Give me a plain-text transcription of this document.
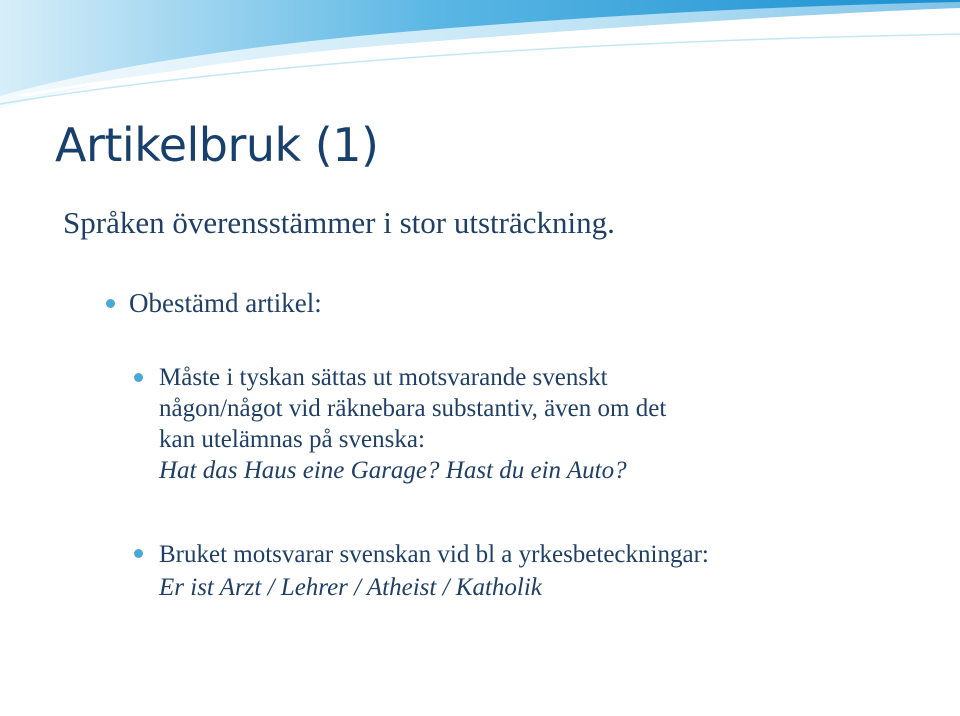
Artikelbruk (1)

Språken överensstämmer i stor utsträckning.

Obestämd artikel:
Måste i tyskan sättas ut motsvarande svenskt
någon/något vid räknebara substantiv, även om det
kan utelämnas på svenska:
Hat das Haus eine Garage? Hast du ein Auto?
Bruket motsvarar svenskan vid bl a yrkesbeteckningar:
Er ist Arzt / Lehrer / Atheist / Katholik
